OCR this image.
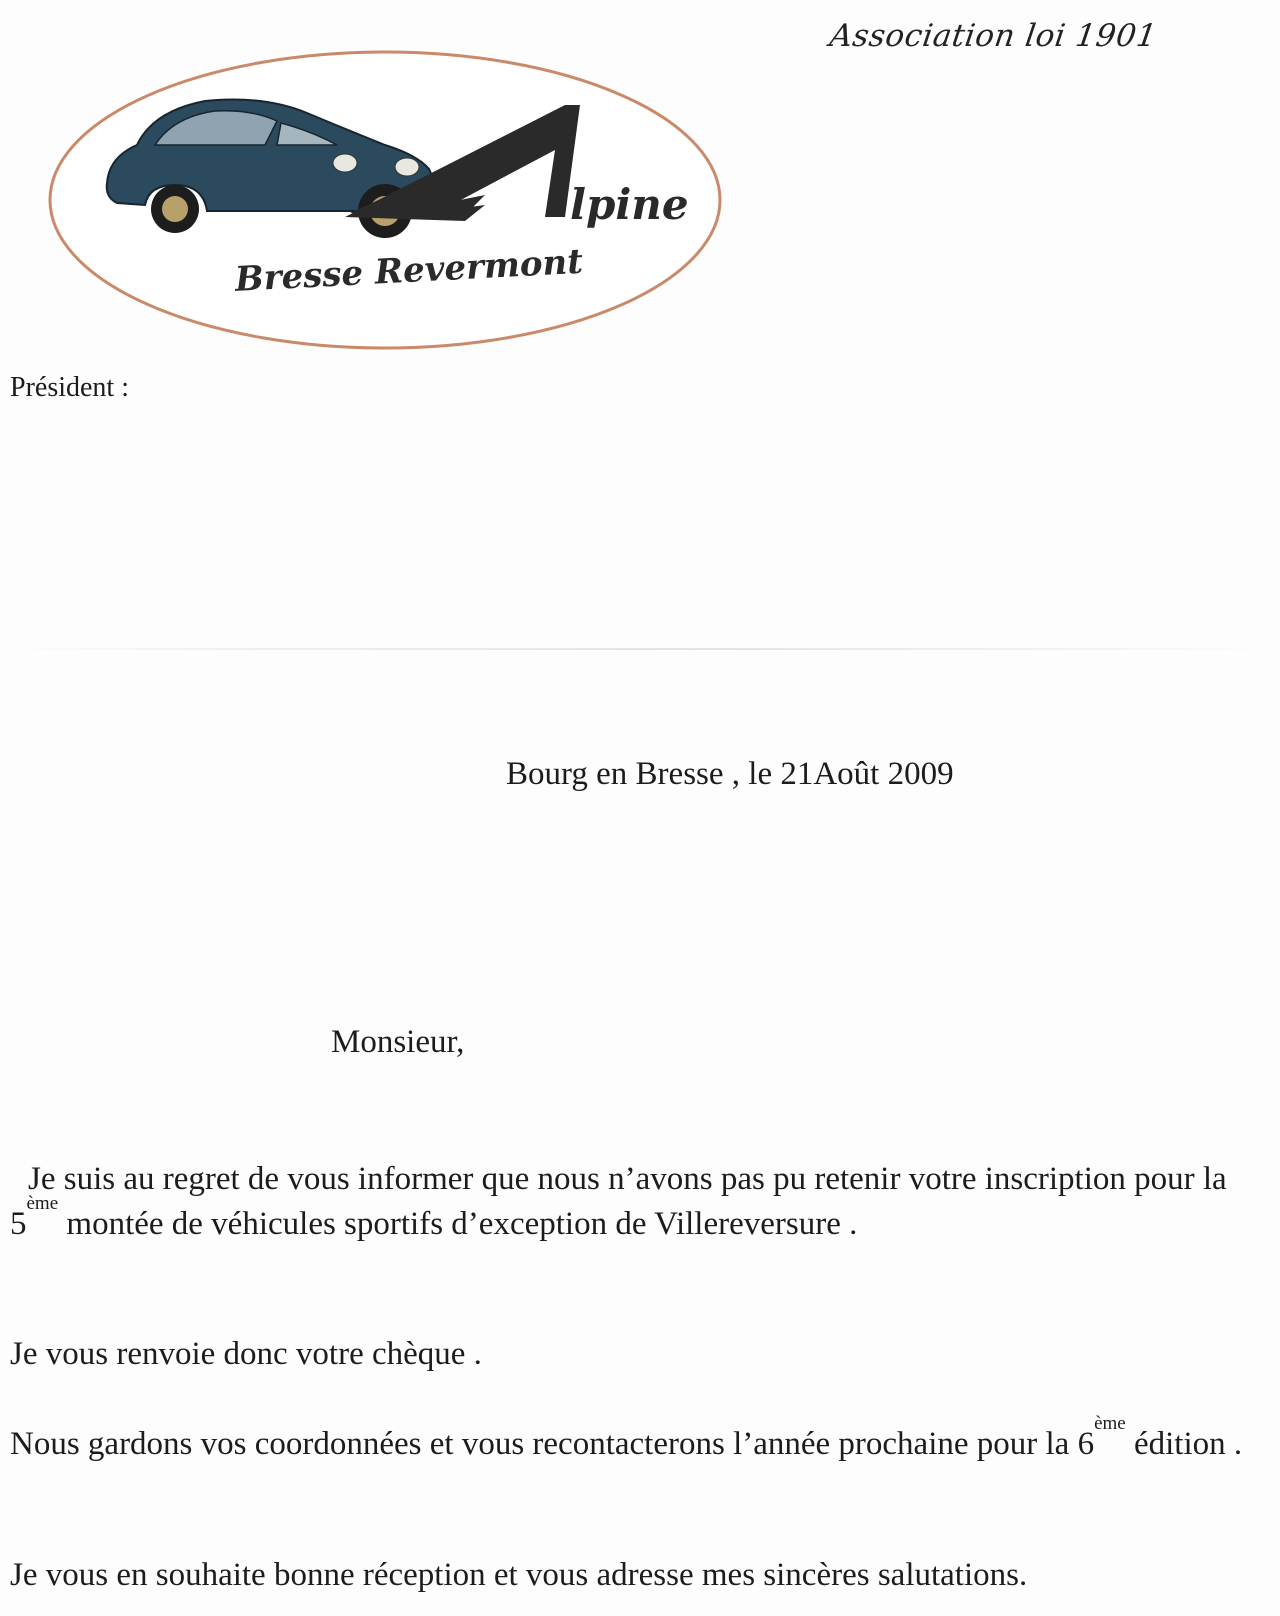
Association loi 1901
lpine
Bresse Revermont
Président :
Bourg en Bresse , le 21Août 2009
Monsieur,

Je suis au regret de vous informer que nous n’avons pas pu retenir votre inscription pour la 5ème montée de véhicules sportifs d’exception de Villereversure .

Je vous renvoie donc votre chèque .

Nous gardons vos coordonnées et vous recontacterons l’année prochaine pour la 6ème édition .

Je vous en souhaite bonne réception et vous adresse mes sincères salutations.
